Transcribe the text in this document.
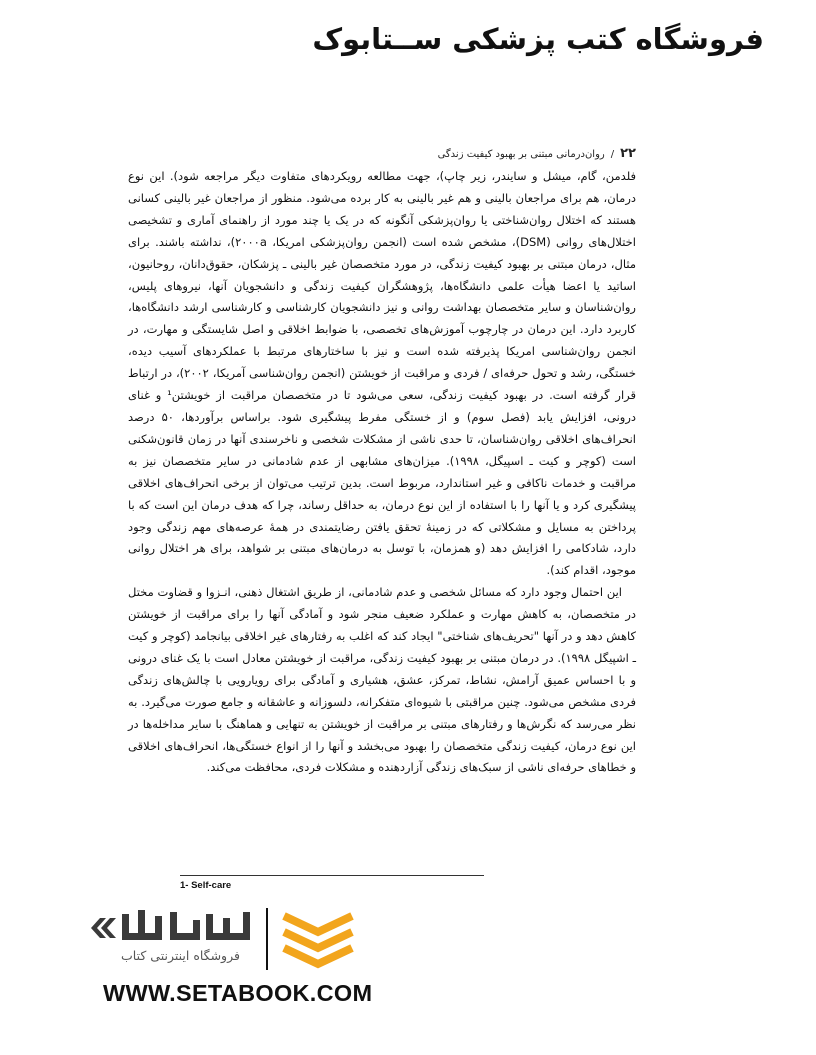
فروشگاه کتب پزشکی ســتابوک
۲۲/روان‌درمانی مبتنی بر بهبود کیفیت زندگی

فلدمن، گام، میشل و سایندر، زیر چاپ)، جهت مطالعه رویکردهای متفاوت دیگر مراجعه شود). این نوع درمان، هم برای مراجعان بالینی و هم غیر بالینی به کار برده می‌شود. منظور از مراجعان غیر بالینی کسانی هستند که اختلال روان‌شناختی یا روان‌پزشکی آنگونه که در یک یا چند مورد از راهنمای آماری و تشخیصی اختلال‌های روانی (DSM)، مشخص شده است (انجمن روان‌پزشکی امریکا، ۲۰۰۰a)، نداشته باشند. برای مثال، درمان مبتنی بر بهبود کیفیت زندگی، در مورد متخصصان غیر بالینی ـ پزشکان، حقوق‌دانان، روحانیون، اساتید یا اعضا هیأت علمی دانشگاه‌ها، پژوهشگران کیفیت زندگی و دانشجویان آنها، نیروهای پلیس، روان‌شناسان و سایر متخصصان بهداشت روانی و نیز دانشجویان کارشناسی و کارشناسی ارشد دانشگاه‌ها، کاربرد دارد. این درمان در چارچوب آموزش‌های تخصصی، با ضوابط اخلاقی و اصل شایستگی و مهارت، در انجمن روان‌شناسی امریکا پذیرفته شده است و نیز با ساختارهای مرتبط با عملکردهای آسیب دیده، خستگی، رشد و تحول حرفه‌ای / فردی و مراقبت از خویشتن (انجمن روان‌شناسی آمریکا، ۲۰۰۲)، در ارتباط قرار گرفته است. در بهبود کیفیت زندگی، سعی می‌شود تا در متخصصان مراقبت از خویشتن¹ و غنای درونی، افزایش یابد (فصل سوم) و از خستگی مفرط پیشگیری شود. براساس برآوردها، ۵۰ درصد انحراف‌های اخلاقی روان‌شناسان، تا حدی ناشی از مشکلات شخصی و ناخرسندی آنها در زمان قانون‌شکنی است (کوچر و کیت ـ اسپیگل، ۱۹۹۸). میزان‌های مشابهی از عدم شادمانی در سایر متخصصان نیز به مراقبت و خدمات ناکافی و غیر استاندارد، مربوط است. بدین ترتیب می‌توان از برخی انحراف‌های اخلاقی پیشگیری کرد و یا آنها را با استفاده از این نوع درمان، به حداقل رساند، چرا که هدف درمان این است که با پرداختن به مسایل و مشکلاتی که در زمینهٔ تحقق یافتن رضایتمندی در همهٔ عرصه‌های مهم زندگی وجود دارد، شادکامی را افزایش دهد (و همزمان، با توسل به درمان‌های مبتنی بر شواهد، برای هر اختلال روانی موجود، اقدام کند).

این احتمال وجود دارد که مسائل شخصی و عدم شادمانی، از طریق اشتغال ذهنی، انـزوا و قضاوت مختل در متخصصان، به کاهش مهارت و عملکرد ضعیف منجر شود و آمادگی آنها را برای مراقبت از خویشتن کاهش دهد و در آنها "تحریف‌های شناختی" ایجاد کند که اغلب به رفتارهای غیر اخلاقی بیانجامد (کوچر و کیت ـ اشپیگل ۱۹۹۸). در درمان مبتنی بر بهبود کیفیت زندگی، مراقبت از خویشتن معادل است با یک غنای درونی و با احساس عمیق آرامش، نشاط، تمرکز، عشق، هشیاری و آمادگی برای رویارویی با چالش‌های زندگی فردی مشخص می‌شود. چنین مراقبتی با شیوه‌ای متفکرانه، دلسوزانه و عاشقانه و جامع صورت می‌گیرد. به نظر می‌رسد که نگرش‌ها و رفتارهای مبتنی بر مراقبت از خویشتن به تنهایی و هماهنگ با سایر مداخله‌ها در این نوع درمان، کیفیت زندگی متخصصان را بهبود می‌بخشد و آنها را از انواع خستگی‌ها، انحراف‌های اخلاقی و خطاهای حرفه‌ای ناشی از سبک‌های زندگی آزاردهنده و مشکلات فردی، محافظت می‌کند.

1- Self-care
فروشگاه اینترنتی کتاب
WWW.SETABOOK.COM
